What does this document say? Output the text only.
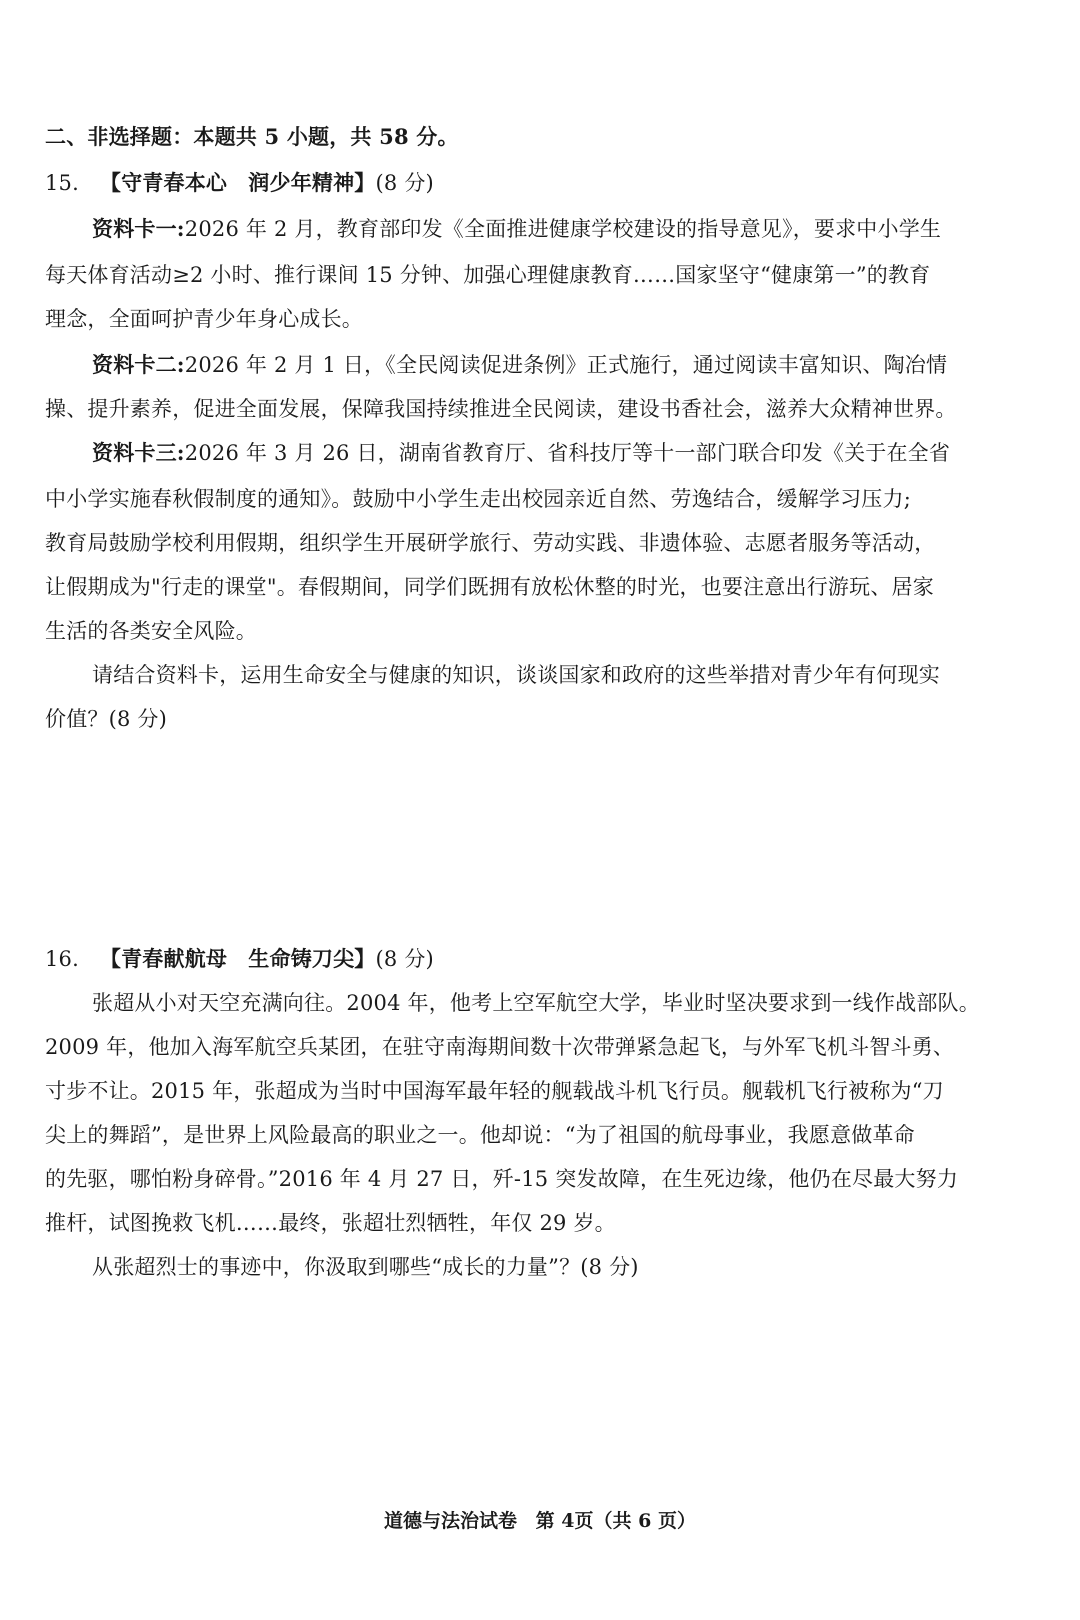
二、非选择题：本题共 5 小题，共 58 分。
15. 【守青春本心　润少年精神】(8 分)
资料卡一:2026 年 2 月，教育部印发《全面推进健康学校建设的指导意见》，要求中小学生
每天体育活动≥2 小时、推行课间 15 分钟、加强心理健康教育……国家坚守“健康第一”的教育
理念，全面呵护青少年身心成长。
资料卡二:2026 年 2 月 1 日，《全民阅读促进条例》正式施行，通过阅读丰富知识、陶冶情
操、提升素养，促进全面发展，保障我国持续推进全民阅读，建设书香社会，滋养大众精神世界。
资料卡三:2026 年 3 月 26 日，湖南省教育厅、省科技厅等十一部门联合印发《关于在全省
中小学实施春秋假制度的通知》。鼓励中小学生走出校园亲近自然、劳逸结合，缓解学习压力;
教育局鼓励学校利用假期，组织学生开展研学旅行、劳动实践、非遗体验、志愿者服务等活动，
让假期成为"行走的课堂"。春假期间，同学们既拥有放松休整的时光，也要注意出行游玩、居家
生活的各类安全风险。
请结合资料卡，运用生命安全与健康的知识，谈谈国家和政府的这些举措对青少年有何现实
价值？(8 分)
16. 【青春献航母　生命铸刀尖】(8 分)
张超从小对天空充满向往。2004 年，他考上空军航空大学，毕业时坚决要求到一线作战部队。
2009 年，他加入海军航空兵某团，在驻守南海期间数十次带弹紧急起飞，与外军飞机斗智斗勇、
寸步不让。2015 年，张超成为当时中国海军最年轻的舰载战斗机飞行员。舰载机飞行被称为“刀
尖上的舞蹈”，是世界上风险最高的职业之一。他却说：“为了祖国的航母事业，我愿意做革命
的先驱，哪怕粉身碎骨。”2016 年 4 月 27 日，歼-15 突发故障，在生死边缘，他仍在尽最大努力
推杆，试图挽救飞机……最终，张超壮烈牺牲，年仅 29 岁。
从张超烈士的事迹中，你汲取到哪些“成长的力量”？(8 分)
道德与法治试卷 第 4页（共 6 页）
